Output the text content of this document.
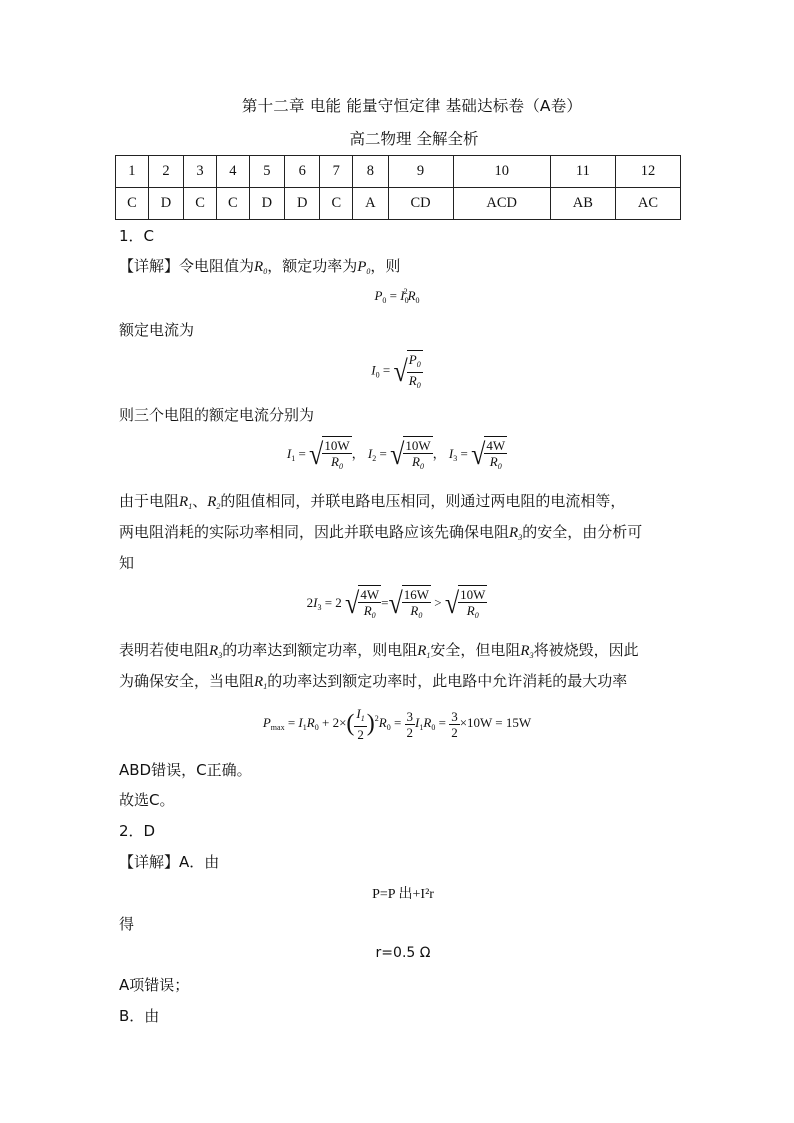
第十二章 电能 能量守恒定律 基础达标卷（A卷）
高二物理 全解全析
1	2	3	4	5	6	7	8	9	10	11	12
C	D	C	C	D	D	C	A	CD	ACD	AB	AC
1．C
【详解】令电阻值为$R_0$，额定功率为$P_0$，则
$P_0 = I_0^2R_0$
额定电流为
$I_0$ = √ $\frac{P_0}{R_0}$
则三个电阻的额定电流分别为
$I_1$ = √ $\frac{10W}{R_0}$ ， $I_2$ = √ $\frac{10W}{R_0}$ ， $I_3$ = √ $\frac{4W}{R_0}$
由于电阻$R_1$、$R_2$的阻值相同，并联电路电压相同，则通过两电阻的电流相等，
两电阻消耗的实际功率相同，因此并联电路应该先确保电阻$R_3$的安全，由分析可
知
$2I_3 = 2$ √ $\frac{4W}{R_0}$ =√ $\frac{16W}{R_0}$ > √ $\frac{10W}{R_0}$
表明若使电阻$R_3$的功率达到额定功率，则电阻$R_1$安全，但电阻$R_3$将被烧毁，因此
为确保安全，当电阻$R_1$的功率达到额定功率时，此电路中允许消耗的最大功率
$P_{max} = I_1R_0 + 2\times( \frac{I_1}{2} )^2R_0 = \frac{3}{2} I_1R_0 = \frac{3}{2} \times 10W = 15W$
ABD错误，C正确。
故选C。
2．D
【详解】A．由
P=P 出+I²r
得
r=0.5 Ω
A项错误；
B．由
